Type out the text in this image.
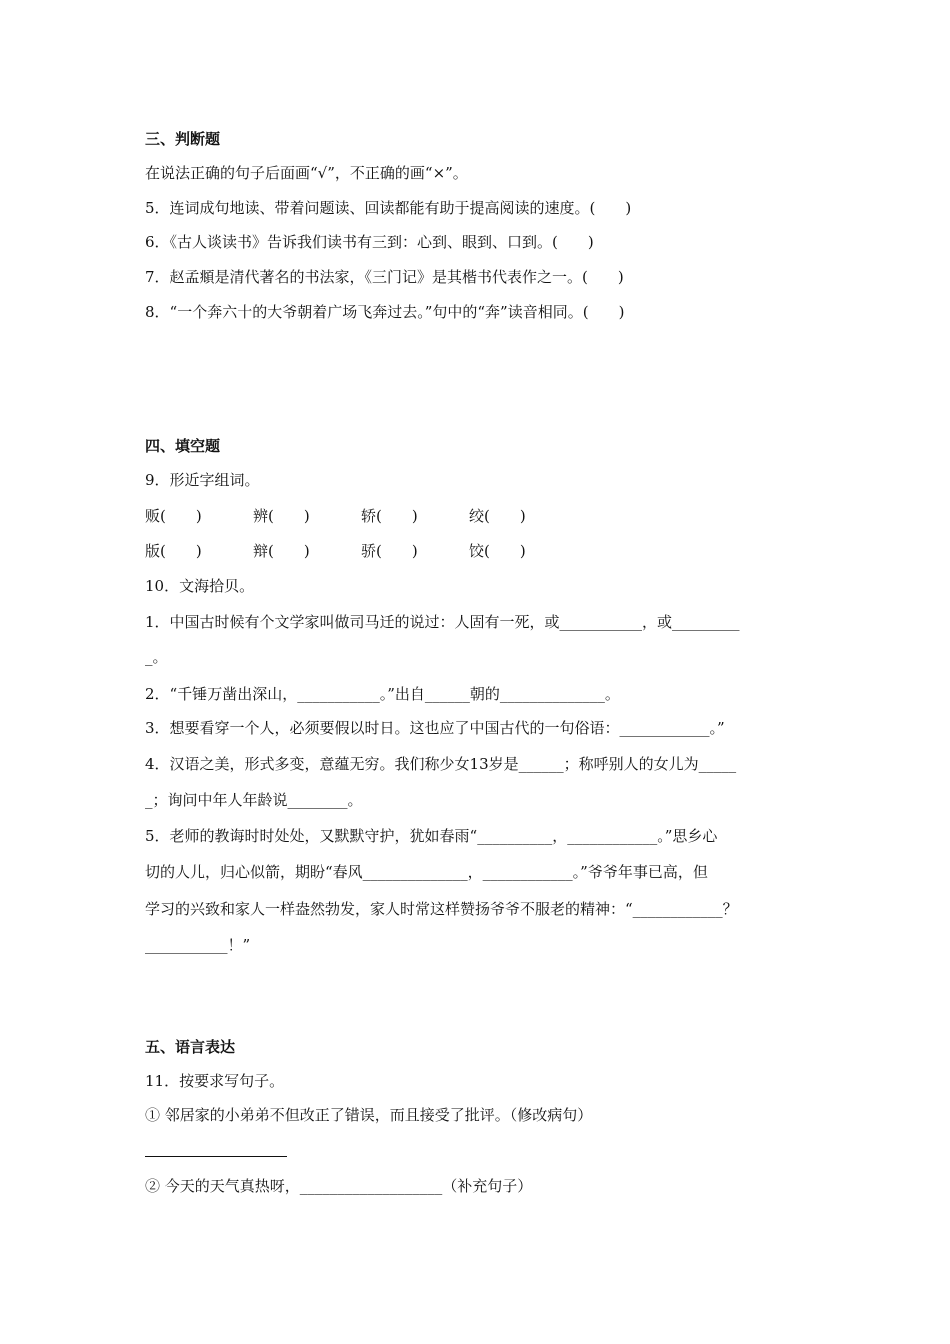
三、判断题
在说法正确的句子后面画“√”，不正确的画“×”。
5．连词成句地读、带着问题读、回读都能有助于提高阅读的速度。(　　)
6．《古人谈读书》告诉我们读书有三到：心到、眼到、口到。(　　)
7．赵孟頫是清代著名的书法家，《三门记》是其楷书代表作之一。(　　)
8．“一个奔六十的大爷朝着广场飞奔过去。”句中的“奔”读音相同。(　　)
四、填空题
9．形近字组词。
贩(　　)	辨(　　)	轿(　　)	绞(　　)
版(　　)	辩(　　)	骄(　　)	饺(　　)
10．文海拾贝。
1．中国古时候有个文学家叫做司马迁的说过：人固有一死，或___________，或_________
_。
2．“千锤万凿出深山，___________。”出自______朝的______________。
3．想要看穿一个人，必须要假以时日。这也应了中国古代的一句俗语：____________。”
4．汉语之美，形式多变，意蕴无穷。我们称少女13岁是______；称呼别人的女儿为_____
_；询问中年人年龄说________。
5．老师的教诲时时处处，又默默守护，犹如春雨“__________，____________。”思乡心
切的人儿，归心似箭，期盼“春风______________，____________。”爷爷年事已高，但
学习的兴致和家人一样盎然勃发，家人时常这样赞扬爷爷不服老的精神：“____________？
___________！”
五、语言表达
11．按要求写句子。
① 邻居家的小弟弟不但改正了错误，而且接受了批评。（修改病句）
② 今天的天气真热呀，___________________（补充句子）
